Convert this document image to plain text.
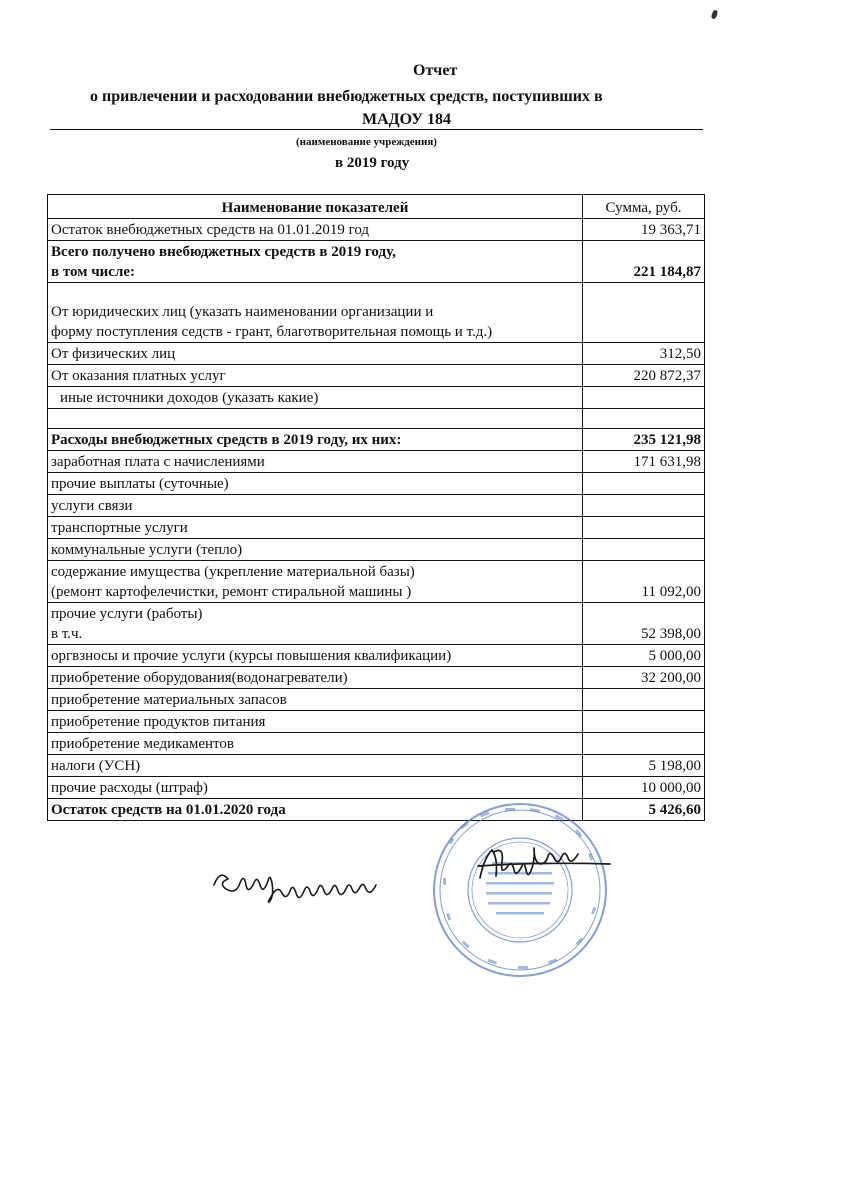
Отчет
о привлечении и расходовании внебюджетных средств, поступивших в
МАДОУ 184
(наименование учреждения)
в 2019 году
Наименование показателей	Сумма, руб.
Остаток внебюджетных средств на 01.01.2019 год	19 363,71
Всего получено внебюджетных средств в 2019 году,
в том числе:	221 184,87
От юридических лиц (указать наименовании организации и
форму поступления седств - грант, благотворительная помощь и т.д.)	
От физических лиц	312,50
От оказания платных услуг	220 872,37
иные источники доходов (указать какие)	

Расходы внебюджетных средств в 2019 году, их них:	235 121,98
заработная плата с начислениями	171 631,98
прочие выплаты (суточные)	
услуги связи	
транспортные услуги	
коммунальные услуги (тепло)	
содержание имущества (укрепление материальной базы)
(ремонт картофелечистки, ремонт стиральной машины )	11 092,00
прочие услуги (работы)
в т.ч.	52 398,00
оргвзносы и прочие услуги (курсы повышения квалификации)	5 000,00
приобретение оборудования(водонагреватели)	32 200,00
приобретение материальных запасов	
приобретение продуктов питания	
приобретение медикаментов	
налоги (УСН)	5 198,00
прочие расходы (штраф)	10 000,00
Остаток средств на 01.01.2020 года	5 426,60
